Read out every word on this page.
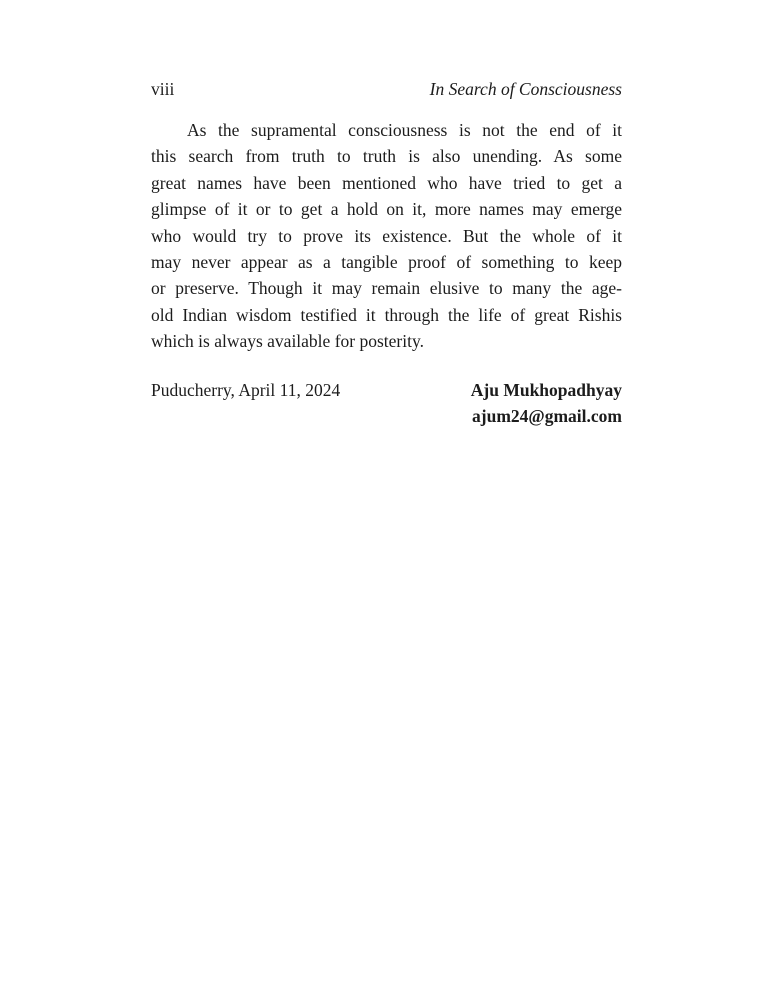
viii	In Search of Consciousness
As the supramental consciousness is not the end of it
this search from truth to truth is also unending. As some
great names have been mentioned who have tried to get a
glimpse of it or to get a hold on it, more names may emerge
who would try to prove its existence. But the whole of it
may never appear as a tangible proof of something to keep
or preserve. Though it may remain elusive to many the age-
old Indian wisdom testified it through the life of great Rishis
which is always available for posterity.
Puducherry, April 11, 2024	Aju Mukhopadhyay
ajum24@gmail.com
